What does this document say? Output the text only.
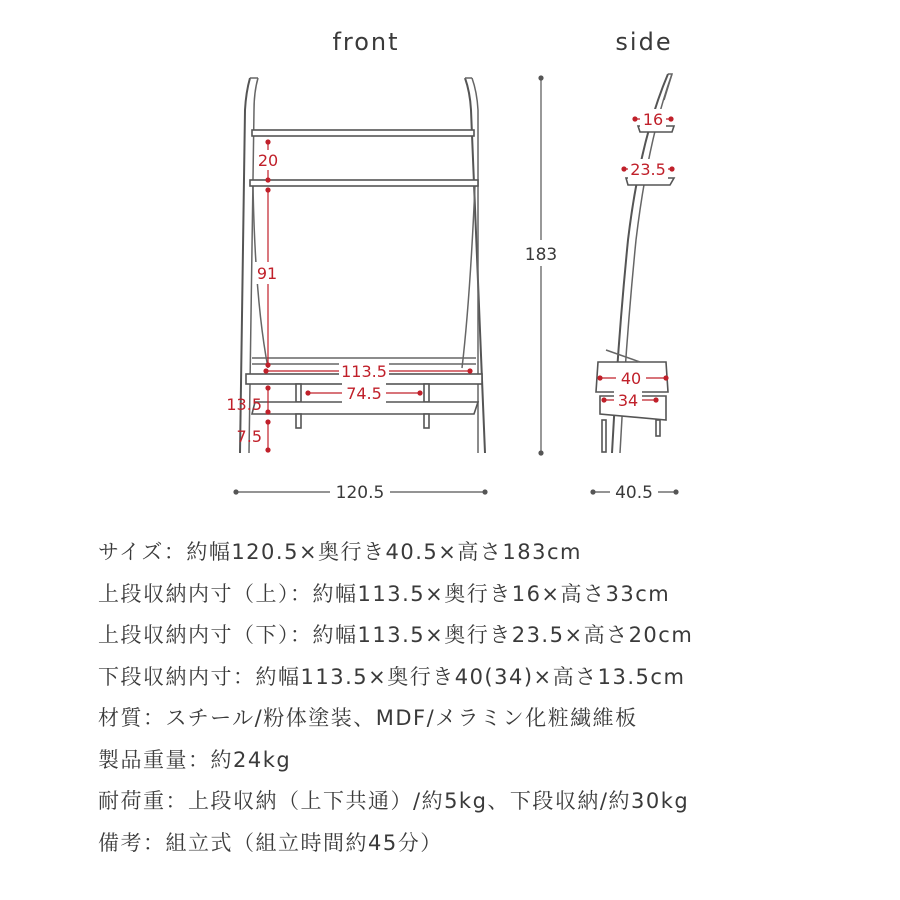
front	side
20
91
113.5
74.5
13.5
7.5
183
120.5
16
23.5
40
34
40.5
サイズ：約幅120.5×奥行き40.5×高さ183cm
上段収納内寸（上）：約幅113.5×奥行き16×高さ33cm
上段収納内寸（下）：約幅113.5×奥行き23.5×高さ20cm
下段収納内寸：約幅113.5×奥行き40(34)×高さ13.5cm
材質：スチール/粉体塗装、MDF/メラミン化粧繊維板
製品重量：約24kg
耐荷重：上段収納（上下共通）/約5kg、下段収納/約30kg
備考：組立式（組立時間約45分）
